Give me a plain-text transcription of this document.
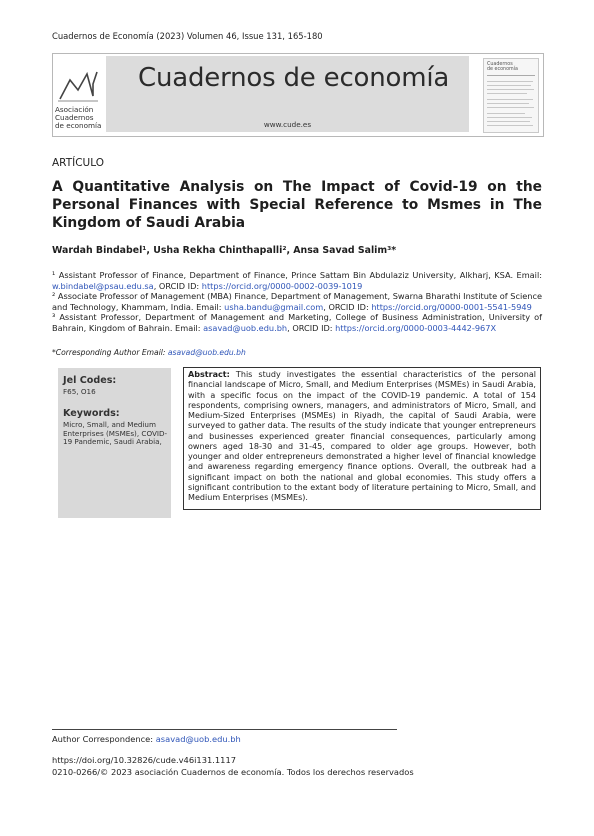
Cuadernos de Economía (2023) Volumen 46, Issue 131, 165-180
Asociación
Cuadernos
de economía
Cuadernos de economía
www.cude.es
Cuadernos
de economía
ARTÍCULO
A Quantitative Analysis on The Impact of Covid-19 on the Personal Finances with Special Reference to Msmes in The Kingdom of Saudi Arabia
Wardah Bindabel¹, Usha Rekha Chinthapalli², Ansa Savad Salim³*
¹ Assistant Professor of Finance, Department of Finance, Prince Sattam Bin Abdulaziz University, Alkharj, KSA. Email: w.bindabel@psau.edu.sa, ORCID ID: https://orcid.org/0000-0002-0039-1019
² Associate Professor of Management (MBA) Finance, Department of Management, Swarna Bharathi Institute of Science and Technology, Khammam, India. Email: usha.bandu@gmail.com, ORCID ID: https://orcid.org/0000-0001-5541-5949
³ Assistant Professor, Department of Management and Marketing, College of Business Administration, University of Bahrain, Kingdom of Bahrain. Email: asavad@uob.edu.bh, ORCID ID: https://orcid.org/0000-0003-4442-967X
*Corresponding Author Email: asavad@uob.edu.bh
Jel Codes:
F65, O16
Keywords:
Micro, Small, and Medium Enterprises (MSMEs), COVID-19 Pandemic, Saudi Arabia,
Abstract: This study investigates the essential characteristics of the personal financial landscape of Micro, Small, and Medium Enterprises (MSMEs) in Saudi Arabia, with a specific focus on the impact of the COVID-19 pandemic. A total of 154 respondents, comprising owners, managers, and administrators of Micro, Small, and Medium-Sized Enterprises (MSMEs) in Riyadh, the capital of Saudi Arabia, were surveyed to gather data. The results of the study indicate that younger entrepreneurs and businesses experienced greater financial consequences, particularly among owners aged 18-30 and 31-45, compared to older age groups. However, both younger and older entrepreneurs demonstrated a higher level of financial knowledge and awareness regarding emergency finance options. Overall, the outbreak had a significant impact on both the national and global economies. This study offers a significant contribution to the extant body of literature pertaining to Micro, Small, and Medium Enterprises (MSMEs).
Author Correspondence: asavad@uob.edu.bh
https://doi.org/10.32826/cude.v46i131.1117
0210-0266/© 2023 asociación Cuadernos de economía. Todos los derechos reservados
